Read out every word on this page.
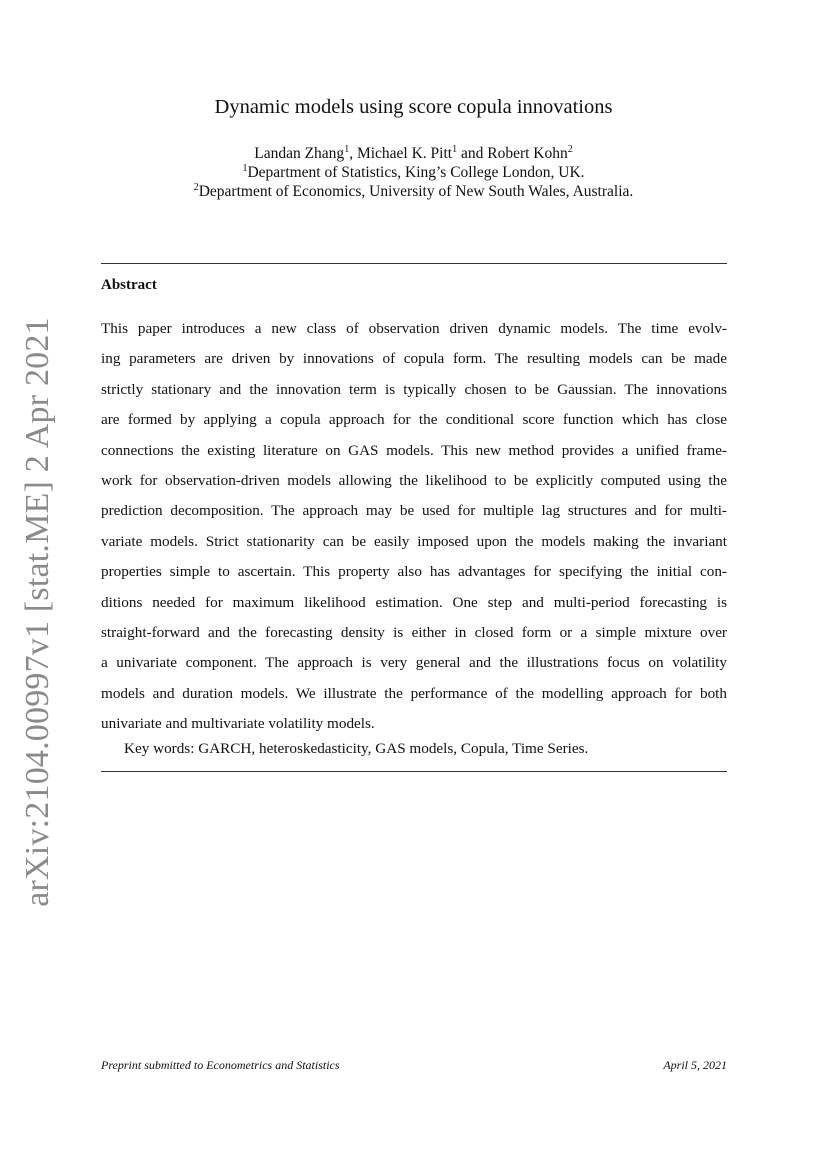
arXiv:2104.00997v1 [stat.ME] 2 Apr 2021
Dynamic models using score copula innovations
Landan Zhang$^1$, Michael K. Pitt$^1$ and Robert Kohn$^2$
$^1$Department of Statistics, King’s College London, UK.
$^2$Department of Economics, University of New South Wales, Australia.
Abstract
This paper introduces a new class of observation driven dynamic models. The time evolv-
ing parameters are driven by innovations of copula form. The resulting models can be made
strictly stationary and the innovation term is typically chosen to be Gaussian. The innovations
are formed by applying a copula approach for the conditional score function which has close
connections the existing literature on GAS models. This new method provides a unified frame-
work for observation-driven models allowing the likelihood to be explicitly computed using the
prediction decomposition. The approach may be used for multiple lag structures and for multi-
variate models. Strict stationarity can be easily imposed upon the models making the invariant
properties simple to ascertain. This property also has advantages for specifying the initial con-
ditions needed for maximum likelihood estimation. One step and multi-period forecasting is
straight-forward and the forecasting density is either in closed form or a simple mixture over
a univariate component. The approach is very general and the illustrations focus on volatility
models and duration models. We illustrate the performance of the modelling approach for both
univariate and multivariate volatility models.
Key words: GARCH, heteroskedasticity, GAS models, Copula, Time Series.
Preprint submitted to Econometrics and Statistics	April 5, 2021
